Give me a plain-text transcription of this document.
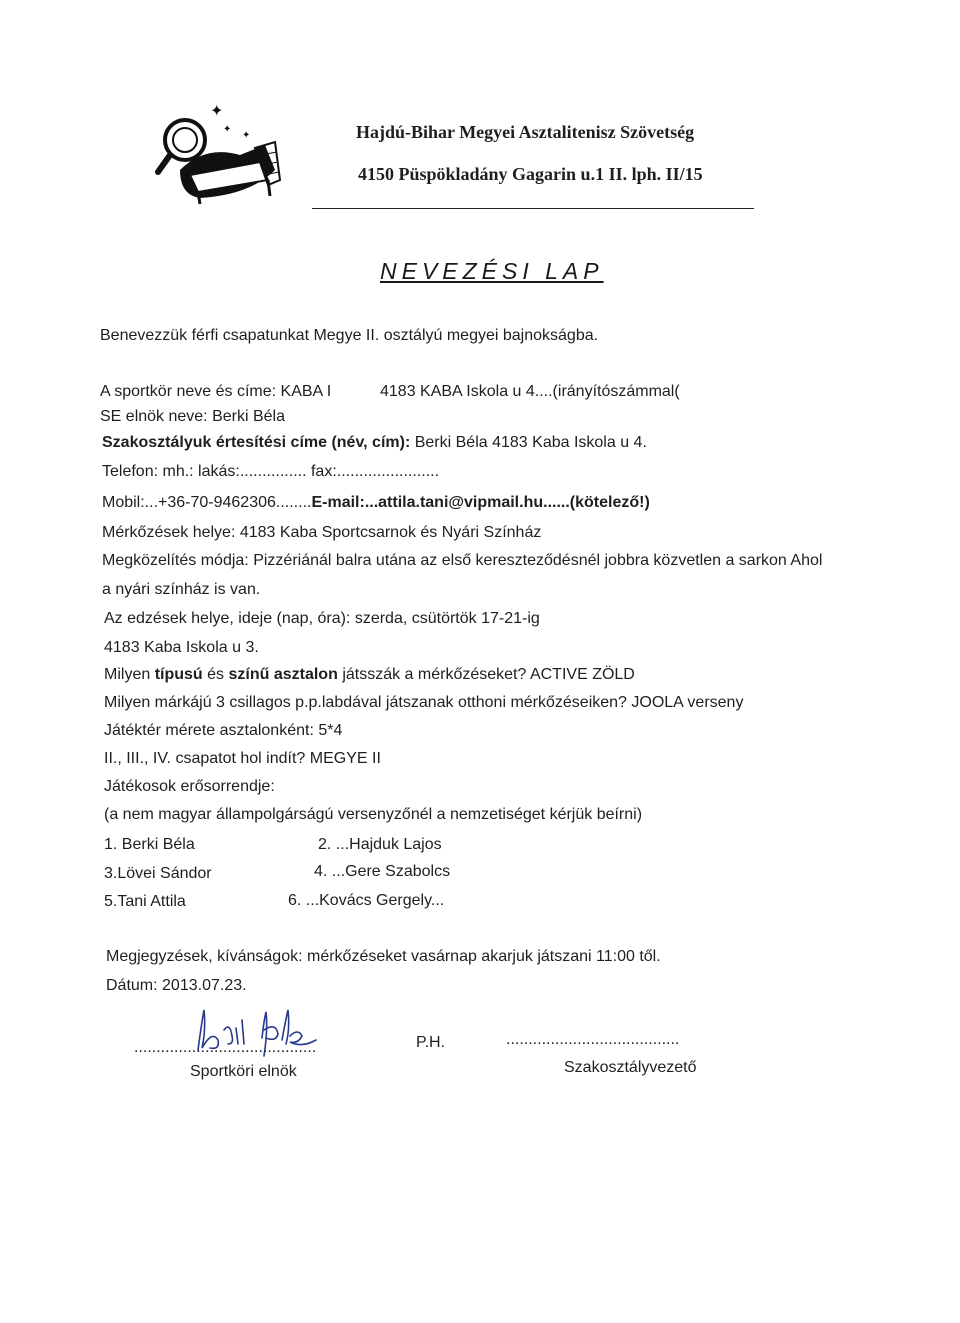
✦
✦
✦	Hajdú-Bihar Megyei Asztalitenisz Szövetség
4150 Püspökladány Gagarin u.1 II. lph. II/15
NEVEZÉSI LAP
Benevezzük férfi csapatunkat Megye II. osztályú megyei bajnokságba.
A sportkör neve és címe: KABA I	4183 KABA Iskola u 4....(irányítószámmal(
SE elnök neve: Berki Béla
Szakosztályuk értesítési címe (név, cím): Berki Béla 4183 Kaba Iskola u 4.
Telefon: mh.: lakás:............... fax:.......................
Mobil:...+36-70-9462306........E-mail:...attila.tani@vipmail.hu......(kötelező!)
Mérkőzések helye: 4183 Kaba Sportcsarnok és Nyári Színház
Megközelítés módja: Pizzériánál balra utána az első kereszteződésnél jobbra közvetlen a sarkon Ahol
a nyári színház is van.
Az edzések helye, ideje (nap, óra): szerda, csütörtök 17-21-ig
4183 Kaba Iskola u 3.
Milyen típusú és színű asztalon játsszák a mérkőzéseket? ACTIVE ZÖLD
Milyen márkájú 3 csillagos p.p.labdával játszanak otthoni mérkőzéseiken? JOOLA verseny
Játéktér mérete asztalonként: 5*4
II., III., IV. csapatot hol indít? MEGYE II
Játékosok erősorrendje:
(a nem magyar állampolgárságú versenyzőnél a nemzetiséget kérjük beírni)
1. Berki Béla	2. ...Hajduk Lajos
3.Lövei Sándor	4. ...Gere Szabolcs
5.Tani Attila	6. ...Kovács Gergely...
Megjegyzések, kívánságok: mérkőzéseket vasárnap akarjuk játszani 11:00 től.
Dátum: 2013.07.23.
.........................................	P.H.	.......................................
Sportköri elnök	Szakosztályvezető
